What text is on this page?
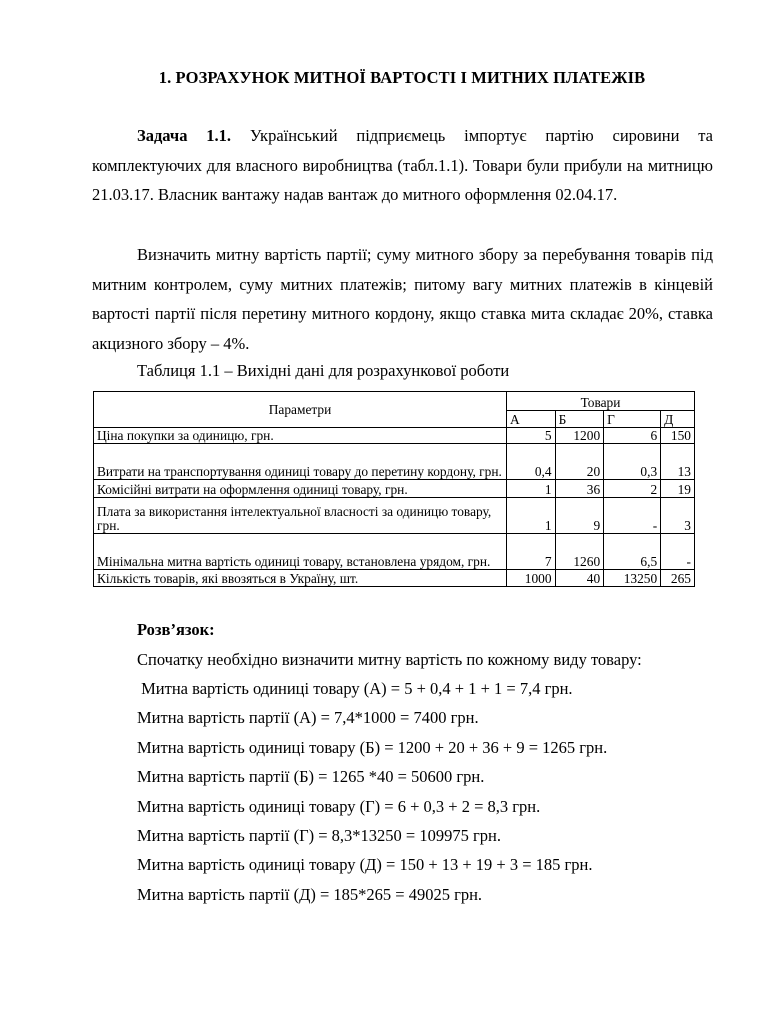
1. РОЗРАХУНОК МИТНОЇ ВАРТОСТІ І МИТНИХ ПЛАТЕЖІВ
Задача 1.1. Український підприємець імпортує партію сировини та комплектуючих для власного виробництва (табл.1.1). Товари були прибули на митницю 21.03.17. Власник вантажу надав вантаж до митного оформлення 02.04.17.
Визначить митну вартість партії; суму митного збору за перебування товарів під митним контролем, суму митних платежів; питому вагу митних платежів в кінцевій вартості партії після перетину митного кордону, якщо ставка мита складає 20%, ставка акцизного збору – 4%.
Таблиця 1.1 – Вихідні дані для розрахункової роботи
Параметри	Товари			
	А	Б	Г	Д
Ціна покупки за одиницю, грн.	5	1200	6	150
Витрати на транспортування одиниці товару до перетину кордону, грн.	0,4	20	0,3	13
Комісійні витрати на оформлення одиниці товару, грн.	1	36	2	19
Плата за використання інтелектуальної власності за одиницю товару, грн.	1	9	-	3
Мінімальна митна вартість одиниці товару, встановлена урядом, грн.	7	1260	6,5	-
Кількість товарів, які ввозяться в Україну, шт.	1000	40	13250	265
Розв’язок:
Спочатку необхідно визначити митну вартість по кожному виду товару:
Митна вартість одиниці товару (А) = 5 + 0,4 + 1 + 1 = 7,4 грн.
Митна вартість партії (А) = 7,4*1000 = 7400 грн.
Митна вартість одиниці товару (Б) = 1200 + 20 + 36 + 9 = 1265 грн.
Митна вартість партії (Б) = 1265 *40 = 50600 грн.
Митна вартість одиниці товару (Г) = 6 + 0,3 + 2 = 8,3 грн.
Митна вартість партії (Г) = 8,3*13250 = 109975 грн.
Митна вартість одиниці товару (Д) = 150 + 13 + 19 + 3 = 185 грн.
Митна вартість партії (Д) = 185*265 = 49025 грн.
